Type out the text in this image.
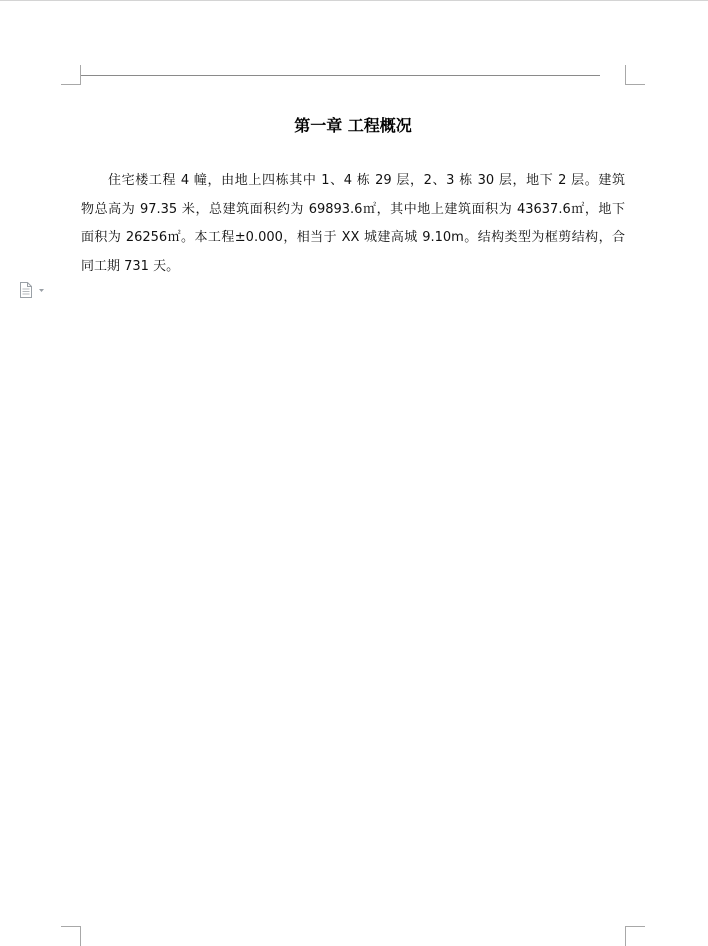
第一章 工程概况
住宅楼工程 4 幢，由地上四栋其中 1、4 栋 29 层，2、3 栋 30 层，地下 2 层。建筑
物总高为 97.35 米，总建筑面积约为 69893.6㎡，其中地上建筑面积为 43637.6㎡，地下
面积为 26256㎡。本工程±0.000，相当于 XX 城建高城 9.10m。结构类型为框剪结构，合
同工期 731 天。
